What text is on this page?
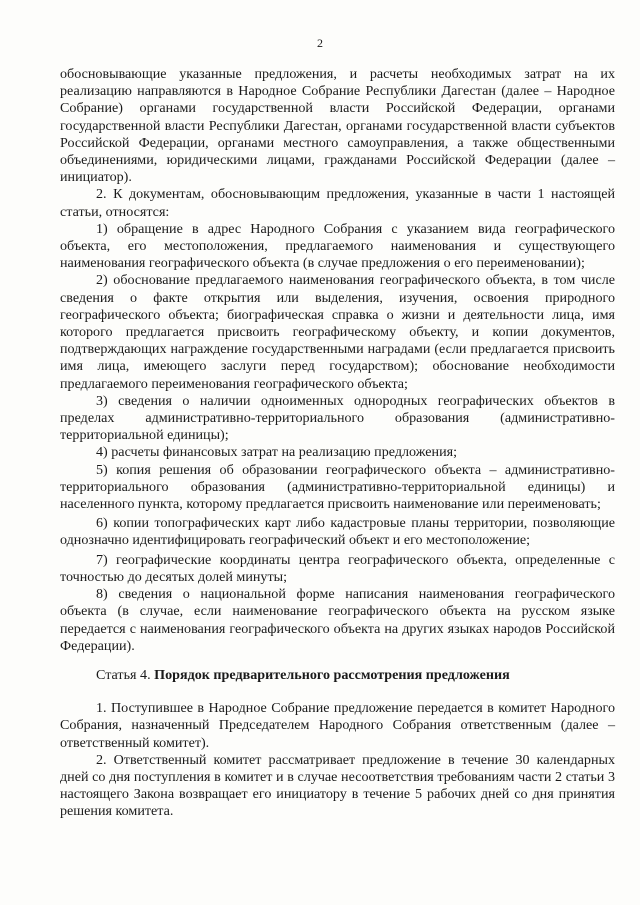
2

обосновывающие указанные предложения, и расчеты необходимых затрат на их реализацию направляются в Народное Собрание Республики Дагестан (далее – Народное Собрание) органами государственной власти Российской Федерации, органами государственной власти Республики Дагестан, органами государственной власти субъектов Российской Федерации, органами местного самоуправления, а также общественными объединениями, юридическими лицами, гражданами Российской Федерации (далее – инициатор).

2. К документам, обосновывающим предложения, указанные в части 1 настоящей статьи, относятся:

1) обращение в адрес Народного Собрания с указанием вида географического объекта, его местоположения, предлагаемого наименования и существующего наименования географического объекта (в случае предложения о его переименовании);

2) обоснование предлагаемого наименования географического объекта, в том числе сведения о факте открытия или выделения, изучения, освоения природного географического объекта; биографическая справка о жизни и деятельности лица, имя которого предлагается присвоить географическому объекту, и копии документов, подтверждающих награждение государственными наградами (если предлагается присвоить имя лица, имеющего заслуги перед государством); обоснование необходимости предлагаемого переименования географического объекта;

3) сведения о наличии одноименных однородных географических объектов в пределах административно-территориального образования (административно-территориальной единицы);

4) расчеты финансовых затрат на реализацию предложения;

5) копия решения об образовании географического объекта – административно-территориального образования (административно-территориальной единицы) и населенного пункта, которому предлагается присвоить наименование или переименовать;

6) копии топографических карт либо кадастровые планы территории, позволяющие однозначно идентифицировать географический объект и его местоположение;

7) географические координаты центра географического объекта, определенные с точностью до десятых долей минуты;

8) сведения о национальной форме написания наименования географического объекта (в случае, если наименование географического объекта на русском языке передается с наименования географического объекта на других языках народов Российской Федерации).

Статья 4. Порядок предварительного рассмотрения предложения

1. Поступившее в Народное Собрание предложение передается в комитет Народного Собрания, назначенный Председателем Народного Собрания ответственным (далее – ответственный комитет).

2. Ответственный комитет рассматривает предложение в течение 30 календарных дней со дня поступления в комитет и в случае несоответствия требованиям части 2 статьи 3 настоящего Закона возвращает его инициатору в течение 5 рабочих дней со дня принятия решения комитета.
